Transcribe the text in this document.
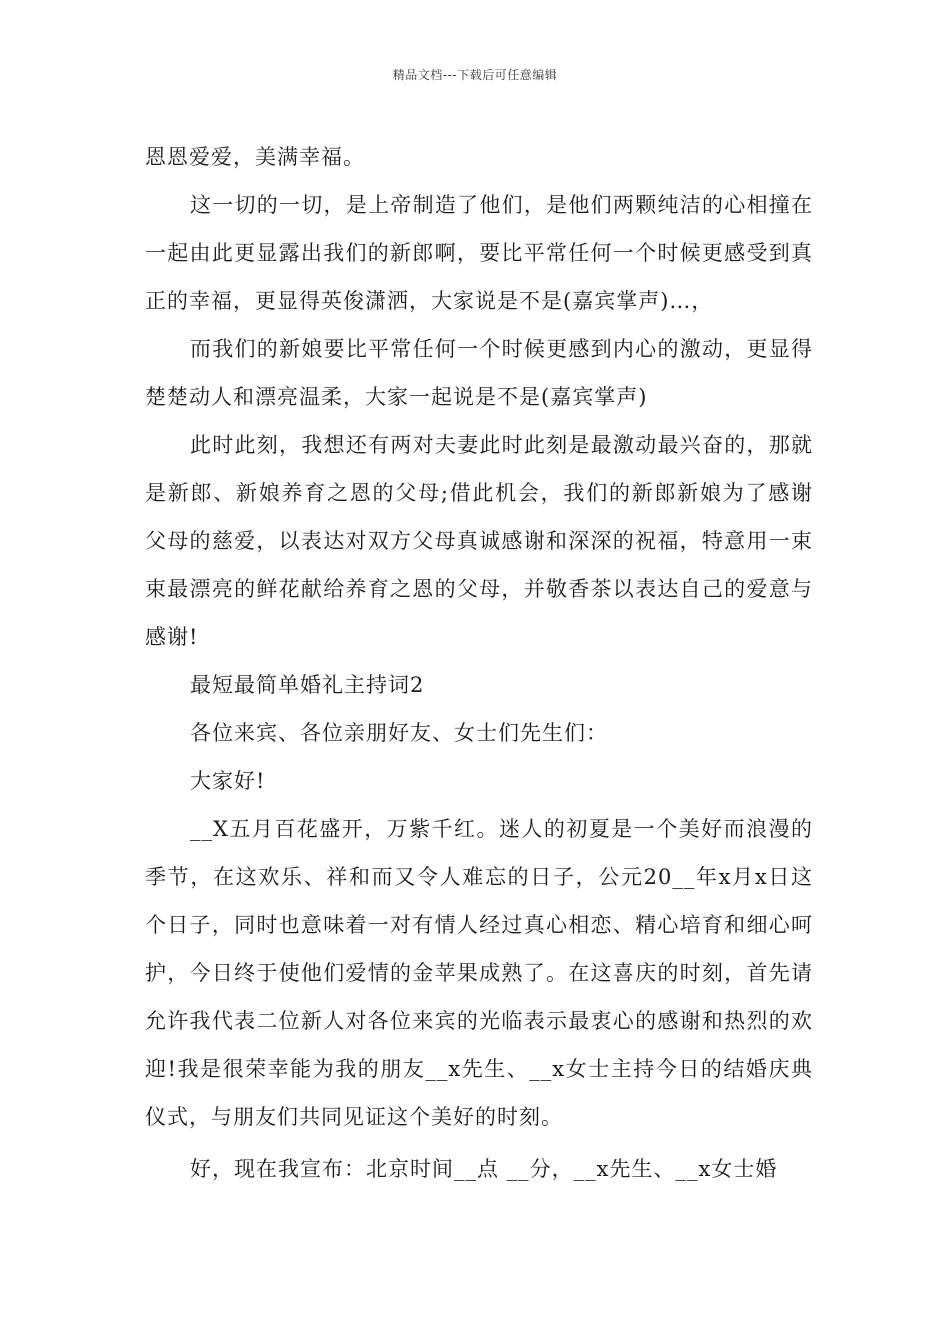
精品文档---下载后可任意编辑

恩恩爱爱，美满幸福。

这一切的一切，是上帝制造了他们，是他们两颗纯洁的心相撞在一起由此更显露出我们的新郎啊，要比平常任何一个时候更感受到真正的幸福，更显得英俊潇洒，大家说是不是(嘉宾掌声)…，

而我们的新娘要比平常任何一个时候更感到内心的激动，更显得楚楚动人和漂亮温柔，大家一起说是不是(嘉宾掌声)

此时此刻，我想还有两对夫妻此时此刻是最激动最兴奋的，那就是新郎、新娘养育之恩的父母;借此机会，我们的新郎新娘为了感谢父母的慈爱，以表达对双方父母真诚感谢和深深的祝福，特意用一束束最漂亮的鲜花献给养育之恩的父母，并敬香茶以表达自己的爱意与感谢!

最短最简单婚礼主持词2

各位来宾、各位亲朋好友、女士们先生们：

大家好!

__X五月百花盛开，万紫千红。迷人的初夏是一个美好而浪漫的季节，在这欢乐、祥和而又令人难忘的日子，公元20__年x月x日这个日子，同时也意味着一对有情人经过真心相恋、精心培育和细心呵护，今日终于使他们爱情的金苹果成熟了。在这喜庆的时刻，首先请允许我代表二位新人对各位来宾的光临表示最衷心的感谢和热烈的欢迎!我是很荣幸能为我的朋友__x先生、__x女士主持今日的结婚庆典仪式，与朋友们共同见证这个美好的时刻。

好，现在我宣布：北京时间__点 __分，__x先生、__x女士婚
